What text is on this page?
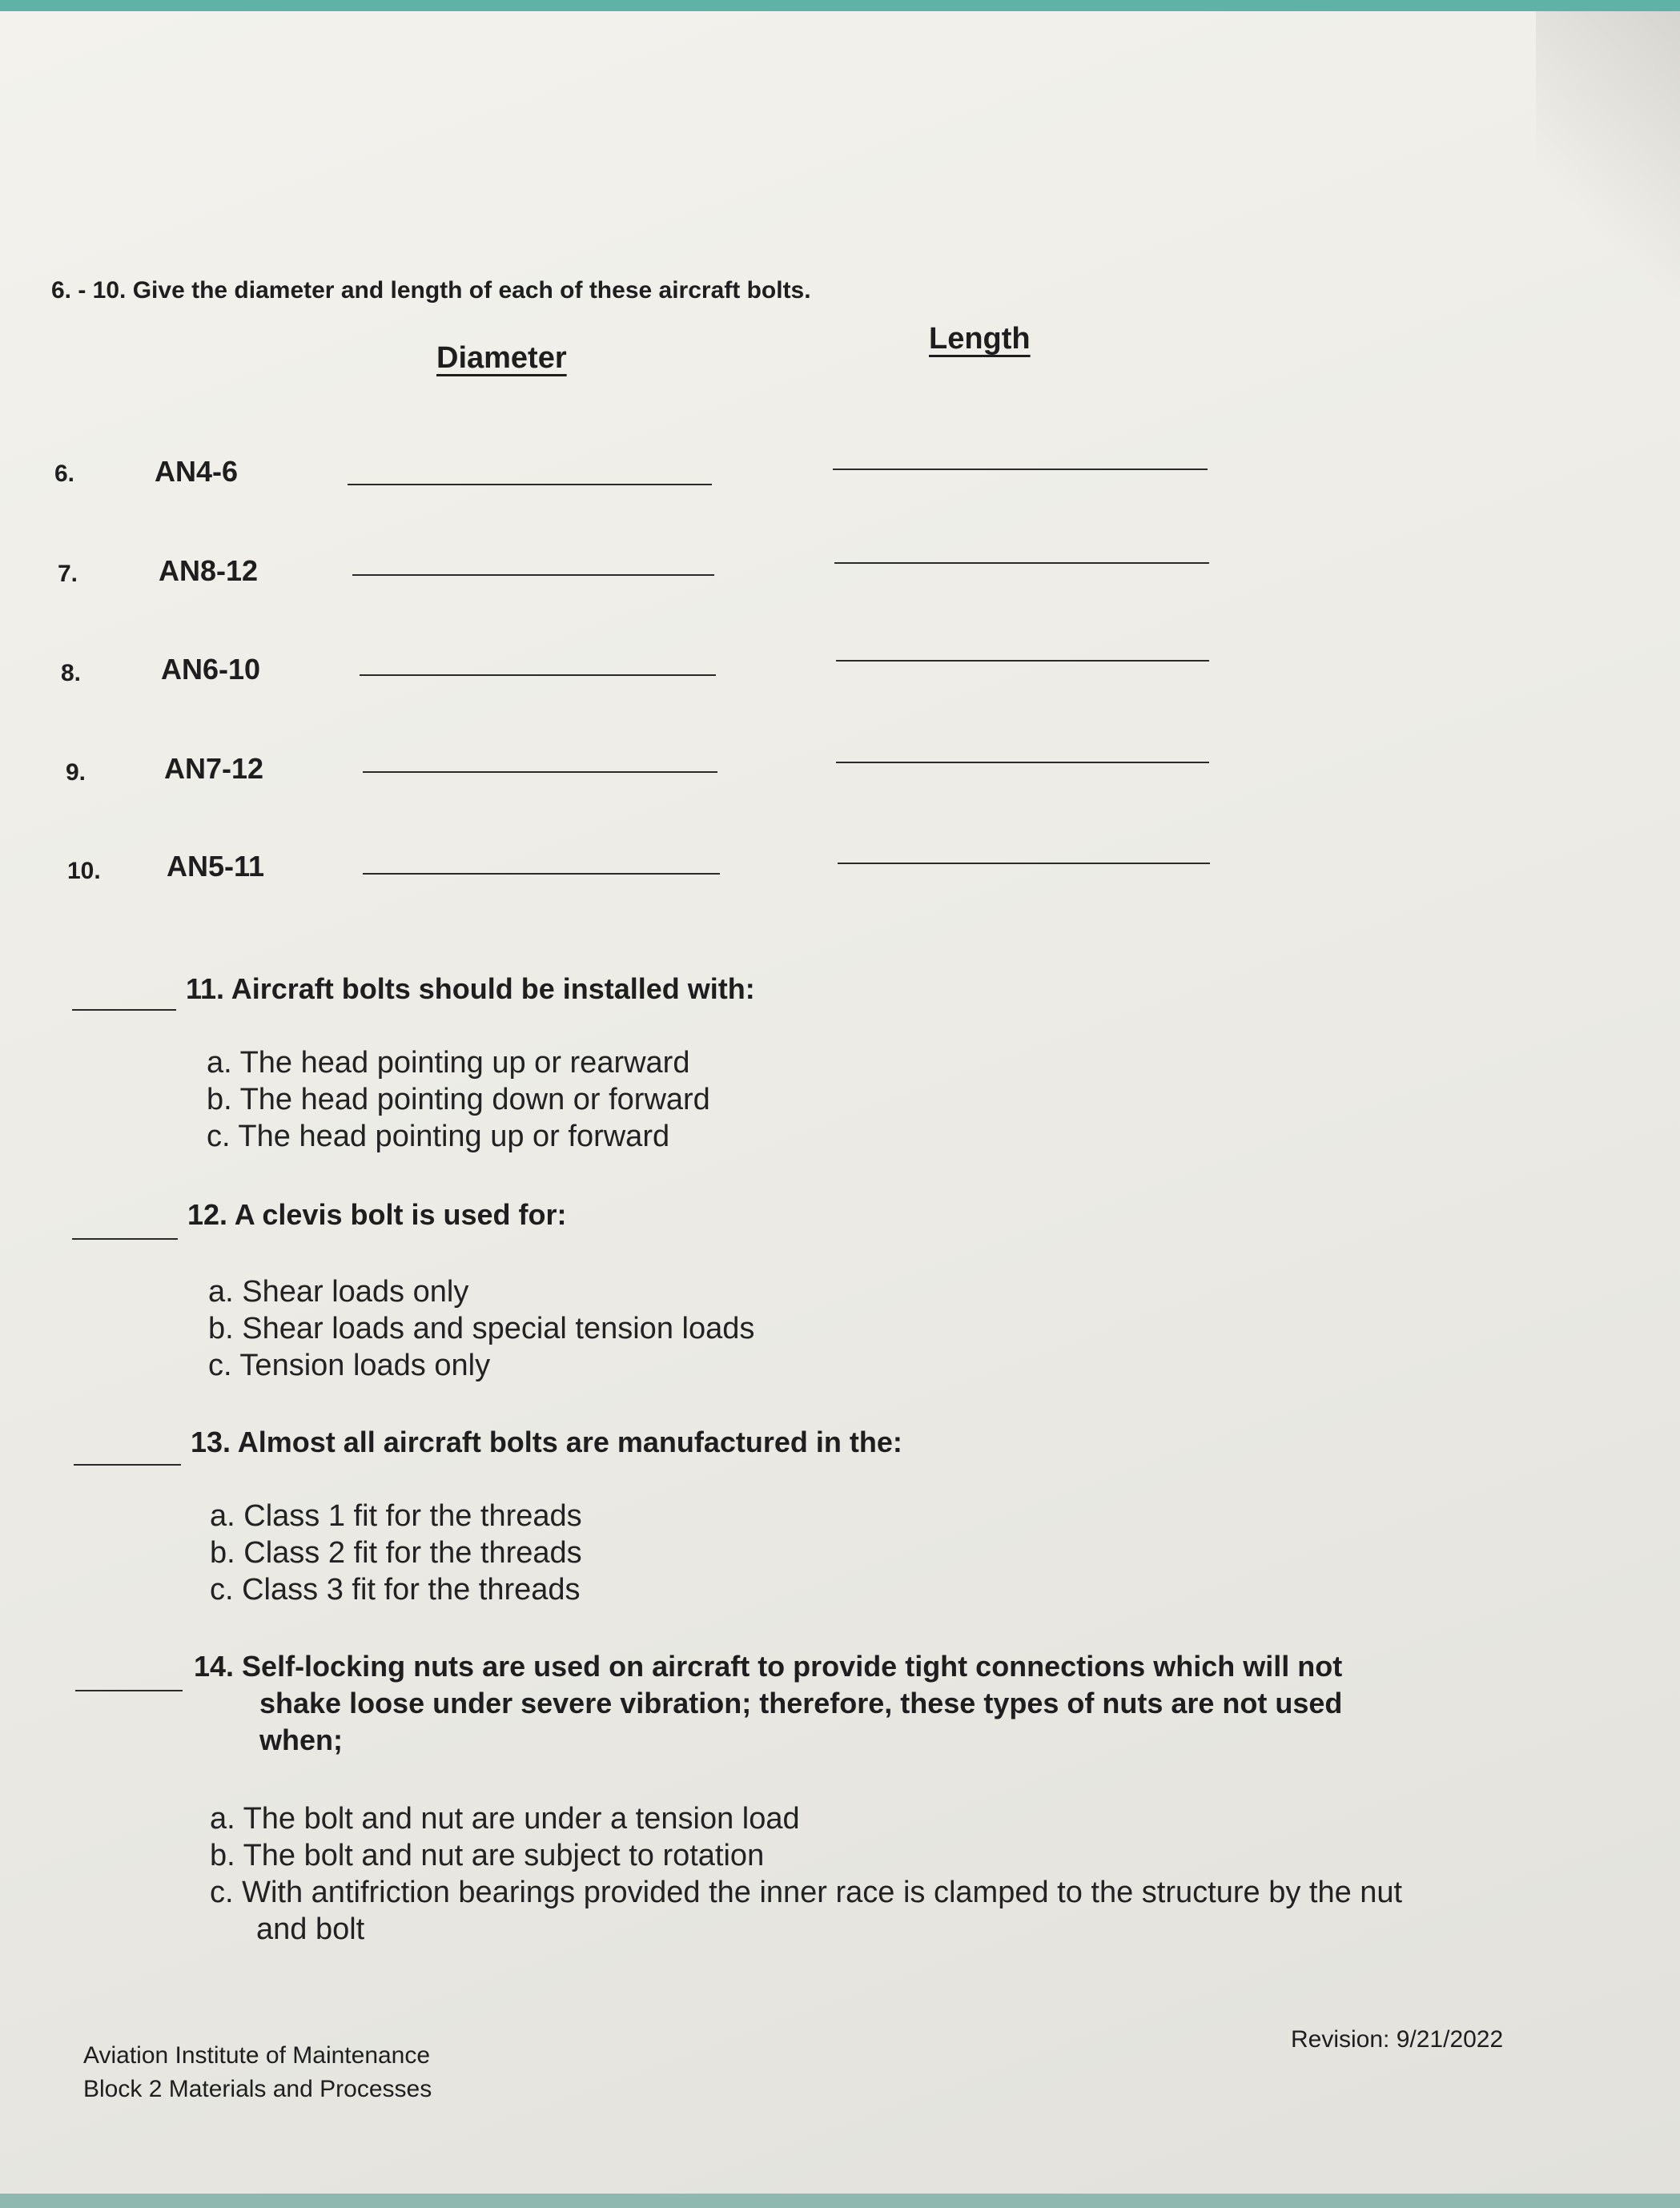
6. - 10. Give the diameter and length of each of these aircraft bolts.
Diameter
Length
6.	AN4-6
7.	AN8-12
8.	AN6-10
9.	AN7-12
10. AN5-11
11. Aircraft bolts should be installed with:
a. The head pointing up or rearward
b. The head pointing down or forward
c. The head pointing up or forward
12. A clevis bolt is used for:
a. Shear loads only
b. Shear loads and special tension loads
c. Tension loads only
13. Almost all aircraft bolts are manufactured in the:
a. Class 1 fit for the threads
b. Class 2 fit for the threads
c. Class 3 fit for the threads
14. Self-locking nuts are used on aircraft to provide tight connections which will not
shake loose under severe vibration; therefore, these types of nuts are not used
when;
a. The bolt and nut are under a tension load
b. The bolt and nut are subject to rotation
c. With antifriction bearings provided the inner race is clamped to the structure by the nut
and bolt
Aviation Institute of Maintenance
Block 2 Materials and Processes
Revision: 9/21/2022
